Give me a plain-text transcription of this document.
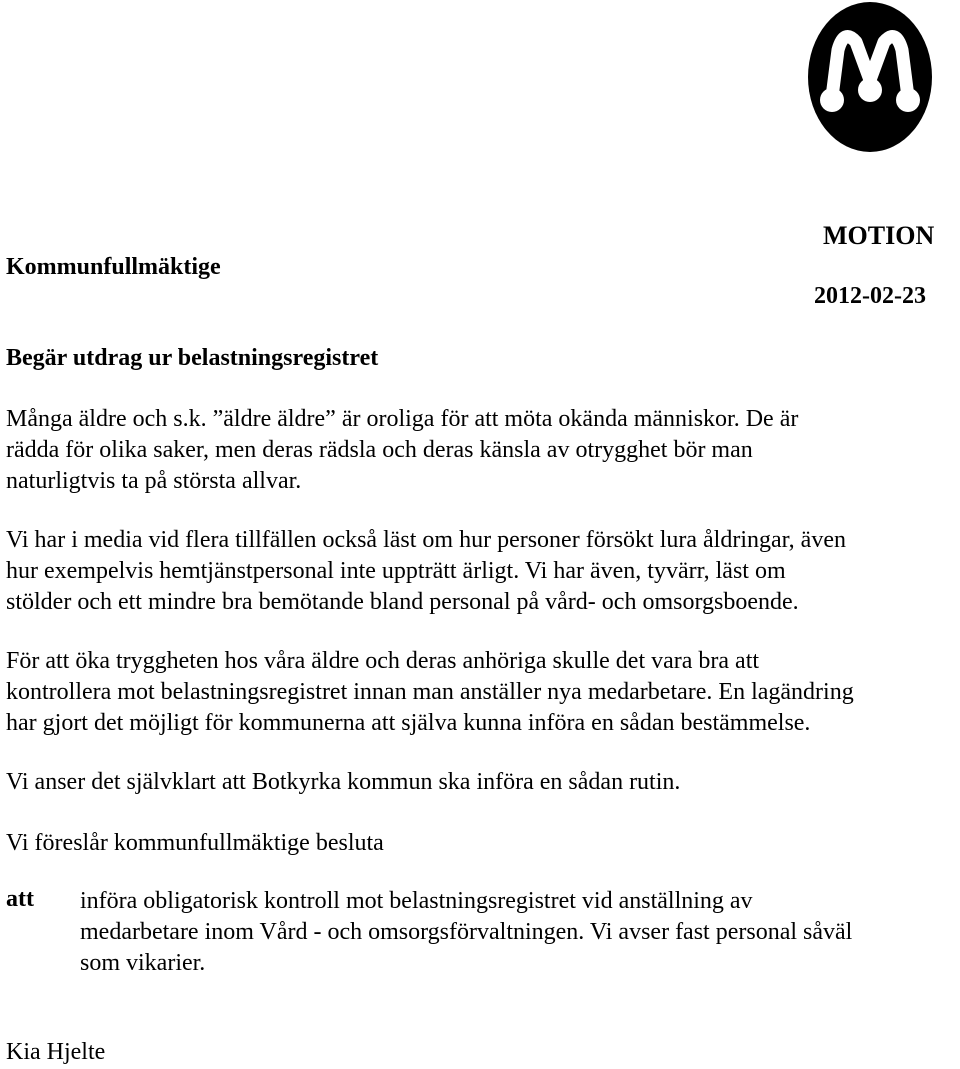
MOTION
2012-02-23
Kommunfullmäktige
Begär utdrag ur belastningsregistret
Många äldre och s.k. ”äldre äldre” är oroliga för att möta okända människor. De är
rädda för olika saker, men deras rädsla och deras känsla av otrygghet bör man
naturligtvis ta på största allvar.
Vi har i media vid flera tillfällen också läst om hur personer försökt lura åldringar, även
hur exempelvis hemtjänstpersonal inte uppträtt ärligt. Vi har även, tyvärr, läst om
stölder och ett mindre bra bemötande bland personal på vård- och omsorgsboende.
För att öka tryggheten hos våra äldre och deras anhöriga skulle det vara bra att
kontrollera mot belastningsregistret innan man anställer nya medarbetare. En lagändring
har gjort det möjligt för kommunerna att själva kunna införa en sådan bestämmelse.
Vi anser det självklart att Botkyrka kommun ska införa en sådan rutin.
Vi föreslår kommunfullmäktige besluta
att införa obligatorisk kontroll mot belastningsregistret vid anställning av
medarbetare inom Vård - och omsorgsförvaltningen. Vi avser fast personal såväl
som vikarier.
Kia Hjelte
